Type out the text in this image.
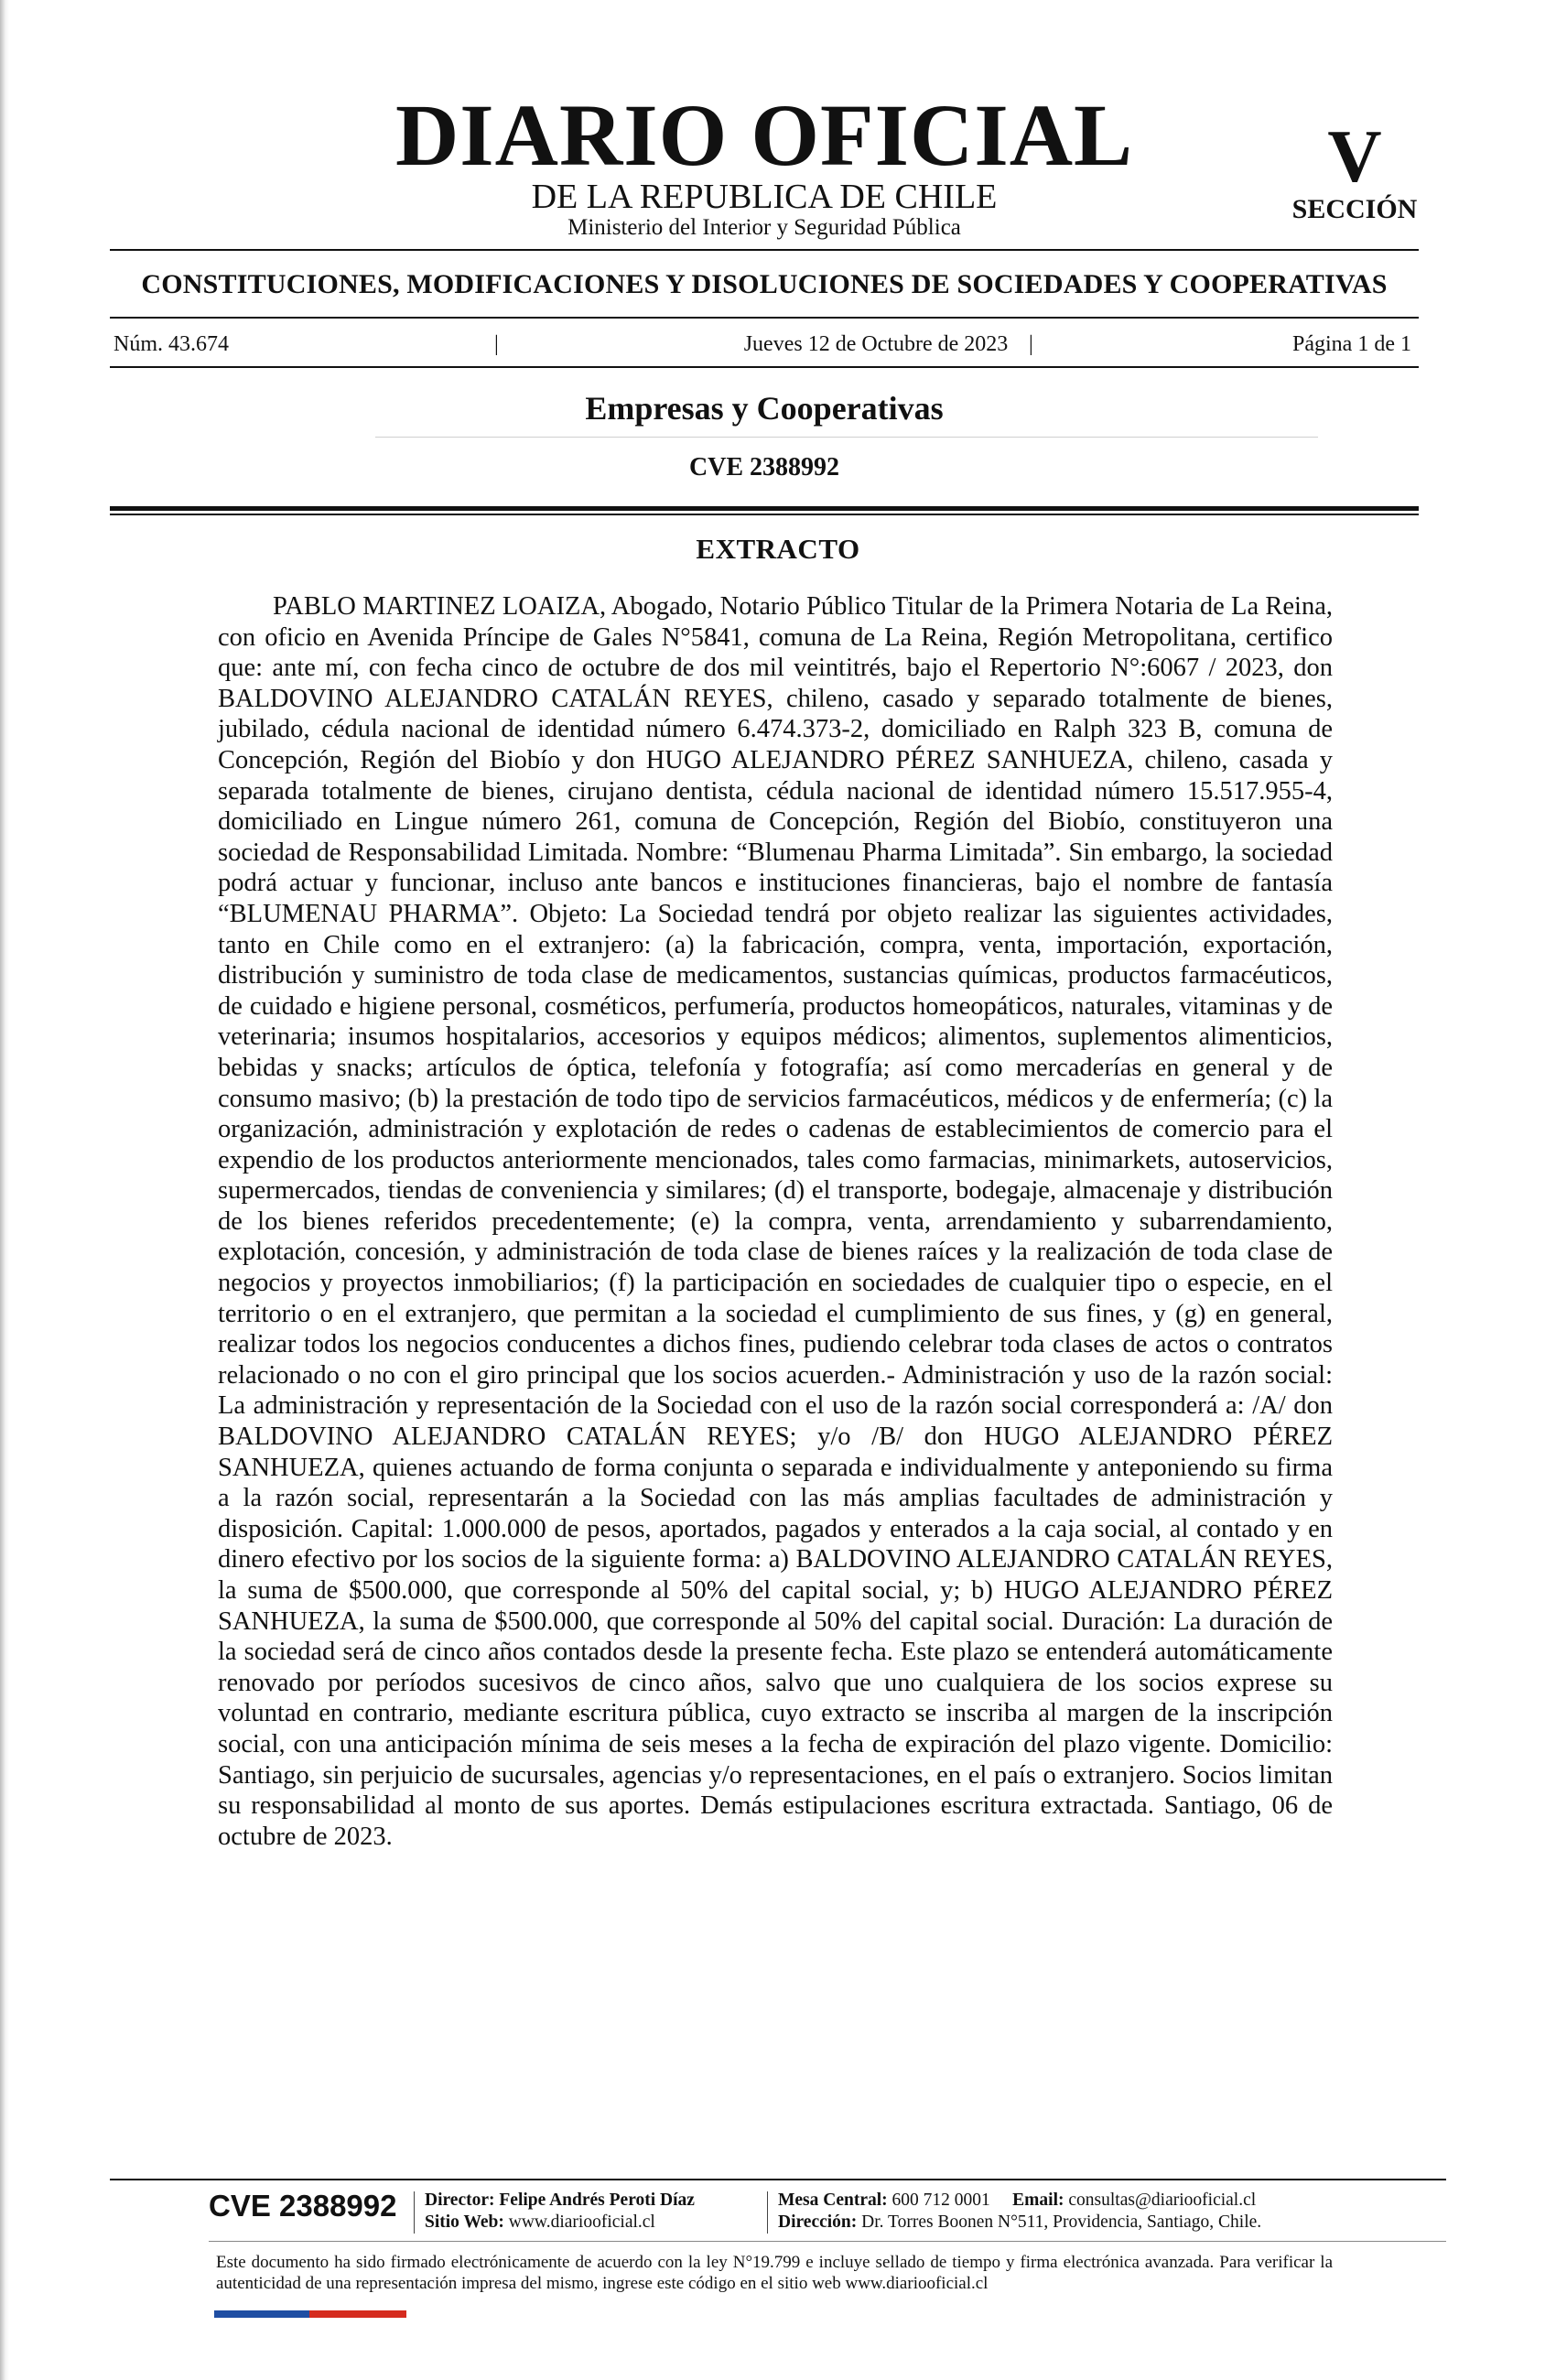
DIARIO OFICIAL
DE LA REPUBLICA DE CHILE
Ministerio del Interior y Seguridad Pública
V
SECCIÓN
CONSTITUCIONES, MODIFICACIONES Y DISOLUCIONES DE SOCIEDADES Y COOPERATIVAS
Núm. 43.674	|	Jueves 12 de Octubre de 2023 |	Página 1 de 1
Empresas y Cooperativas
CVE 2388992
EXTRACTO

PABLO MARTINEZ LOAIZA, Abogado, Notario Público Titular de la Primera Notaria de La Reina, con oficio en Avenida Príncipe de Gales N°5841, comuna de La Reina, Región Metropolitana, certifico que: ante mí, con fecha cinco de octubre de dos mil veintitrés, bajo el Repertorio N°:6067 / 2023, don BALDOVINO ALEJANDRO CATALÁN REYES, chileno, casado y separado totalmente de bienes, jubilado, cédula nacional de identidad número 6.474.373-2, domiciliado en Ralph 323 B, comuna de Concepción, Región del Biobío y don HUGO ALEJANDRO PÉREZ SANHUEZA, chileno, casada y separada totalmente de bienes, cirujano dentista, cédula nacional de identidad número 15.517.955-4, domiciliado en Lingue número 261, comuna de Concepción, Región del Biobío, constituyeron una sociedad de Responsabilidad Limitada. Nombre: “Blumenau Pharma Limitada”. Sin embargo, la sociedad podrá actuar y funcionar, incluso ante bancos e instituciones financieras, bajo el nombre de fantasía “BLUMENAU PHARMA”. Objeto: La Sociedad tendrá por objeto realizar las siguientes actividades, tanto en Chile como en el extranjero: (a) la fabricación, compra, venta, importación, exportación, distribución y suministro de toda clase de medicamentos, sustancias químicas, productos farmacéuticos, de cuidado e higiene personal, cosméticos, perfumería, productos homeopáticos, naturales, vitaminas y de veterinaria; insumos hospitalarios, accesorios y equipos médicos; alimentos, suplementos alimenticios, bebidas y snacks; artículos de óptica, telefonía y fotografía; así como mercaderías en general y de consumo masivo; (b) la prestación de todo tipo de servicios farmacéuticos, médicos y de enfermería; (c) la organización, administración y explotación de redes o cadenas de establecimientos de comercio para el expendio de los productos anteriormente mencionados, tales como farmacias, minimarkets, autoservicios, supermercados, tiendas de conveniencia y similares; (d) el transporte, bodegaje, almacenaje y distribución de los bienes referidos precedentemente; (e) la compra, venta, arrendamiento y subarrendamiento, explotación, concesión, y administración de toda clase de bienes raíces y la realización de toda clase de negocios y proyectos inmobiliarios; (f) la participación en sociedades de cualquier tipo o especie, en el territorio o en el extranjero, que permitan a la sociedad el cumplimiento de sus fines, y (g) en general, realizar todos los negocios conducentes a dichos fines, pudiendo celebrar toda clases de actos o contratos relacionado o no con el giro principal que los socios acuerden.- Administración y uso de la razón social: La administración y representación de la Sociedad con el uso de la razón social corresponderá a: /A/ don BALDOVINO ALEJANDRO CATALÁN REYES; y/o /B/ don HUGO ALEJANDRO PÉREZ SANHUEZA, quienes actuando de forma conjunta o separada e individualmente y anteponiendo su firma a la razón social, representarán a la Sociedad con las más amplias facultades de administración y disposición. Capital: 1.000.000 de pesos, aportados, pagados y enterados a la caja social, al contado y en dinero efectivo por los socios de la siguiente forma: a) BALDOVINO ALEJANDRO CATALÁN REYES, la suma de $500.000, que corresponde al 50% del capital social, y; b) HUGO ALEJANDRO PÉREZ SANHUEZA, la suma de $500.000, que corresponde al 50% del capital social. Duración: La duración de la sociedad será de cinco años contados desde la presente fecha. Este plazo se entenderá automáticamente renovado por períodos sucesivos de cinco años, salvo que uno cualquiera de los socios exprese su voluntad en contrario, mediante escritura pública, cuyo extracto se inscriba al margen de la inscripción social, con una anticipación mínima de seis meses a la fecha de expiración del plazo vigente. Domicilio: Santiago, sin perjuicio de sucursales, agencias y/o representaciones, en el país o extranjero. Socios limitan su responsabilidad al monto de sus aportes. Demás estipulaciones escritura extractada. Santiago, 06 de octubre de 2023.

CVE 2388992 Director: Felipe Andrés Peroti Díaz
Sitio Web: www.diariooficial.cl
Mesa Central: 600 712 0001 Email: consultas@diariooficial.cl
Dirección: Dr. Torres Boonen N°511, Providencia, Santiago, Chile.
Este documento ha sido firmado electrónicamente de acuerdo con la ley N°19.799 e incluye sellado de tiempo y firma electrónica avanzada. Para verificar la autenticidad de una representación impresa del mismo, ingrese este código en el sitio web www.diariooficial.cl
